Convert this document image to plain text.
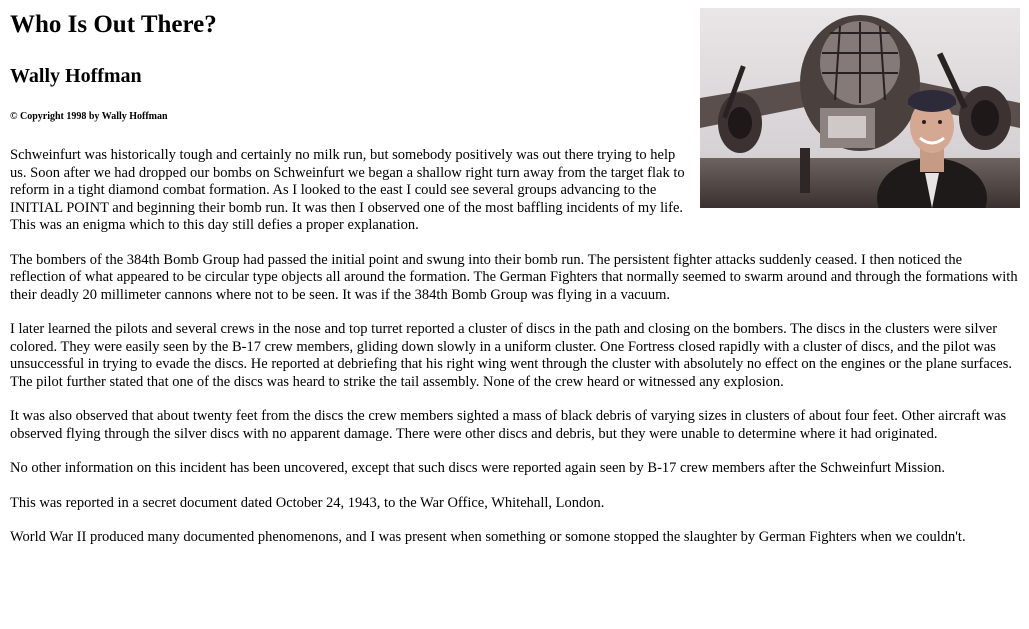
Who Is Out There?
Wally Hoffman

© Copyright 1998 by Wally Hoffman

Schweinfurt was historically tough and certainly no milk run, but somebody positively was out there trying to help us. Soon after we had dropped our bombs on Schweinfurt we began a shallow right turn away from the target flak to reform in a tight diamond combat formation. As I looked to the east I could see several groups advancing to the INITIAL POINT and beginning their bomb run. It was then I observed one of the most baffling incidents of my life. This was an enigma which to this day still defies a proper explanation.

The bombers of the 384th Bomb Group had passed the initial point and swung into their bomb run. The persistent fighter attacks suddenly ceased. I then noticed the reflection of what appeared to be circular type objects all around the formation. The German Fighters that normally seemed to swarm around and through the formations with their deadly 20 millimeter cannons where not to be seen. It was if the 384th Bomb Group was flying in a vacuum.

I later learned the pilots and several crews in the nose and top turret reported a cluster of discs in the path and closing on the bombers. The discs in the clusters were silver colored. They were easily seen by the B-17 crew members, gliding down slowly in a uniform cluster. One Fortress closed rapidly with a cluster of discs, and the pilot was unsuccessful in trying to evade the discs. He reported at debriefing that his right wing went through the cluster with absolutely no effect on the engines or the plane surfaces. The pilot further stated that one of the discs was heard to strike the tail assembly. None of the crew heard or witnessed any explosion.

It was also observed that about twenty feet from the discs the crew members sighted a mass of black debris of varying sizes in clusters of about four feet. Other aircraft was observed flying through the silver discs with no apparent damage. There were other discs and debris, but they were unable to determine where it had originated.

No other information on this incident has been uncovered, except that such discs were reported again seen by B-17 crew members after the Schweinfurt Mission.

This was reported in a secret document dated October 24, 1943, to the War Office, Whitehall, London.

World War II produced many documented phenomenons, and I was present when something or somone stopped the slaughter by German Fighters when we couldn't.
